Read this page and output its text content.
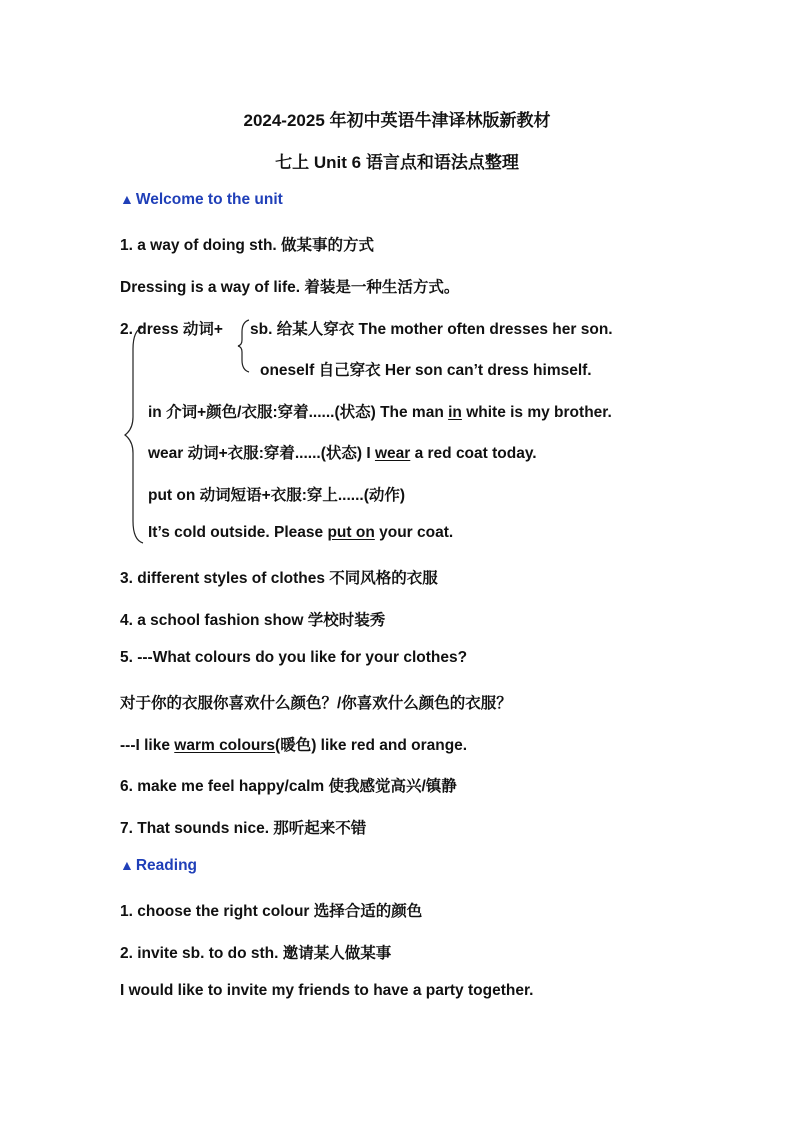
2024-2025 年初中英语牛津译林版新教材
七上 Unit 6 语言点和语法点整理
▲ Welcome to the unit
1. a way of doing sth. 做某事的方式
Dressing is a way of life. 着装是一种生活方式。
2. dress 动词+ sb. 给某人穿衣 The mother often dresses her son.
oneself 自己穿衣 Her son can’t dress himself.
in 介词+颜色/衣服:穿着......(状态) The man in white is my brother.
wear 动词+衣服:穿着......(状态) I wear a red coat today.
put on 动词短语+衣服:穿上......(动作)
It’s cold outside. Please put on your coat.
3. different styles of clothes 不同风格的衣服
4. a school fashion show 学校时装秀
5. ---What colours do you like for your clothes?
对于你的衣服你喜欢什么颜色？/你喜欢什么颜色的衣服？
---I like warm colours(暖色) like red and orange.
6. make me feel happy/calm 使我感觉高兴/镇静
7. That sounds nice. 那听起来不错
▲ Reading
1. choose the right colour 选择合适的颜色
2. invite sb. to do sth. 邀请某人做某事
I would like to invite my friends to have a party together.
